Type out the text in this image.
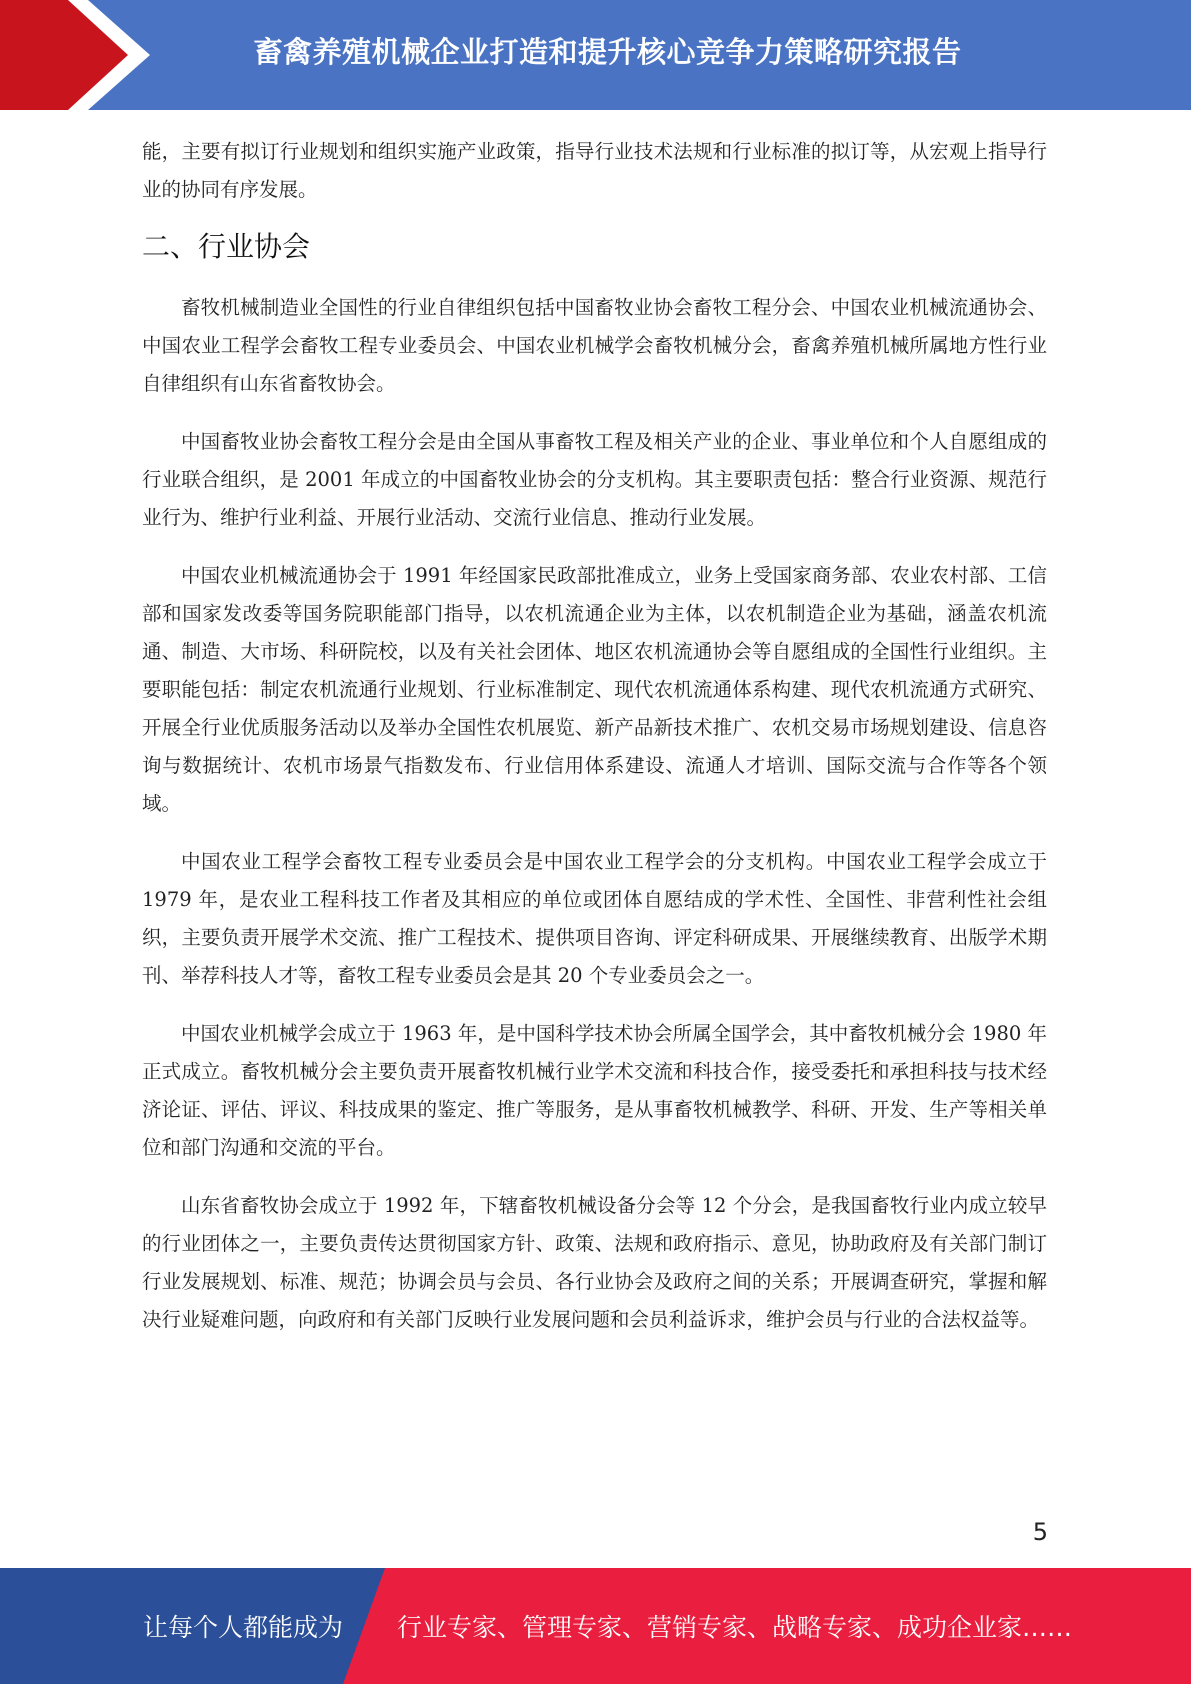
畜禽养殖机械企业打造和提升核心竞争力策略研究报告

能，主要有拟订行业规划和组织实施产业政策，指导行业技术法规和行业标准的拟订等，从宏观上指导行业的协同有序发展。

二、行业协会

畜牧机械制造业全国性的行业自律组织包括中国畜牧业协会畜牧工程分会、中国农业机械流通协会、中国农业工程学会畜牧工程专业委员会、中国农业机械学会畜牧机械分会，畜禽养殖机械所属地方性行业自律组织有山东省畜牧协会。

中国畜牧业协会畜牧工程分会是由全国从事畜牧工程及相关产业的企业、事业单位和个人自愿组成的行业联合组织，是 2001 年成立的中国畜牧业协会的分支机构。其主要职责包括：整合行业资源、规范行业行为、维护行业利益、开展行业活动、交流行业信息、推动行业发展。

中国农业机械流通协会于 1991 年经国家民政部批准成立，业务上受国家商务部、农业农村部、工信部和国家发改委等国务院职能部门指导，以农机流通企业为主体，以农机制造企业为基础，涵盖农机流通、制造、大市场、科研院校，以及有关社会团体、地区农机流通协会等自愿组成的全国性行业组织。主要职能包括：制定农机流通行业规划、行业标准制定、现代农机流通体系构建、现代农机流通方式研究、开展全行业优质服务活动以及举办全国性农机展览、新产品新技术推广、农机交易市场规划建设、信息咨询与数据统计、农机市场景气指数发布、行业信用体系建设、流通人才培训、国际交流与合作等各个领域。

中国农业工程学会畜牧工程专业委员会是中国农业工程学会的分支机构。中国农业工程学会成立于 1979 年，是农业工程科技工作者及其相应的单位或团体自愿结成的学术性、全国性、非营利性社会组织，主要负责开展学术交流、推广工程技术、提供项目咨询、评定科研成果、开展继续教育、出版学术期刊、举荐科技人才等，畜牧工程专业委员会是其 20 个专业委员会之一。

中国农业机械学会成立于 1963 年，是中国科学技术协会所属全国学会，其中畜牧机械分会 1980 年正式成立。畜牧机械分会主要负责开展畜牧机械行业学术交流和科技合作，接受委托和承担科技与技术经济论证、评估、评议、科技成果的鉴定、推广等服务，是从事畜牧机械教学、科研、开发、生产等相关单位和部门沟通和交流的平台。

山东省畜牧协会成立于 1992 年，下辖畜牧机械设备分会等 12 个分会，是我国畜牧行业内成立较早的行业团体之一，主要负责传达贯彻国家方针、政策、法规和政府指示、意见，协助政府及有关部门制订行业发展规划、标准、规范；协调会员与会员、各行业协会及政府之间的关系；开展调查研究，掌握和解决行业疑难问题，向政府和有关部门反映行业发展问题和会员利益诉求，维护会员与行业的合法权益等。

5
让每个人都能成为 行业专家、管理专家、营销专家、战略专家、成功企业家……
